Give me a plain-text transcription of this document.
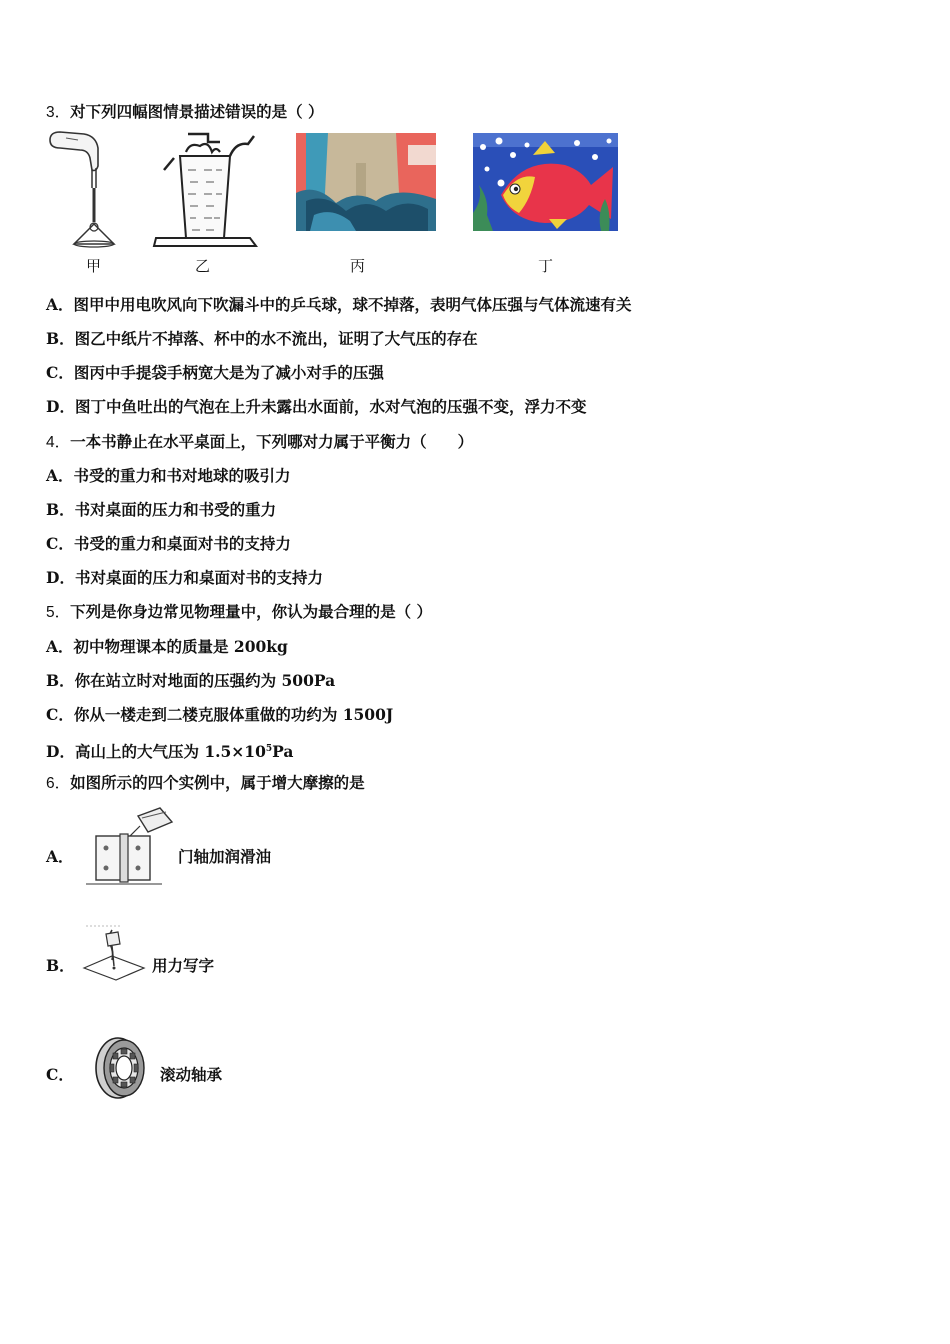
3．对下列四幅图情景描述错误的是（ ）
甲	乙	丙	丁
A．图甲中用电吹风向下吹漏斗中的乒乓球，球不掉落，表明气体压强与气体流速有关
B．图乙中纸片不掉落、杯中的水不流出，证明了大气压的存在
C．图丙中手提袋手柄宽大是为了减小对手的压强
D．图丁中鱼吐出的气泡在上升未露出水面前，水对气泡的压强不变，浮力不变
4．一本书静止在水平桌面上，下列哪对力属于平衡力（　　）
A．书受的重力和书对地球的吸引力
B．书对桌面的压力和书受的重力
C．书受的重力和桌面对书的支持力
D．书对桌面的压力和桌面对书的支持力
5．下列是你身边常见物理量中，你认为最合理的是（ ）
A．初中物理课本的质量是 200kg
B．你在站立时对地面的压强约为 500Pa
C．你从一楼走到二楼克服体重做的功约为 1500J
D．高山上的大气压为 $1.5\times 10^5Pa$
6．如图所示的四个实例中，属于增大摩擦的是
A．	门轴加润滑油
B．	用力写字
C．	滚动轴承
